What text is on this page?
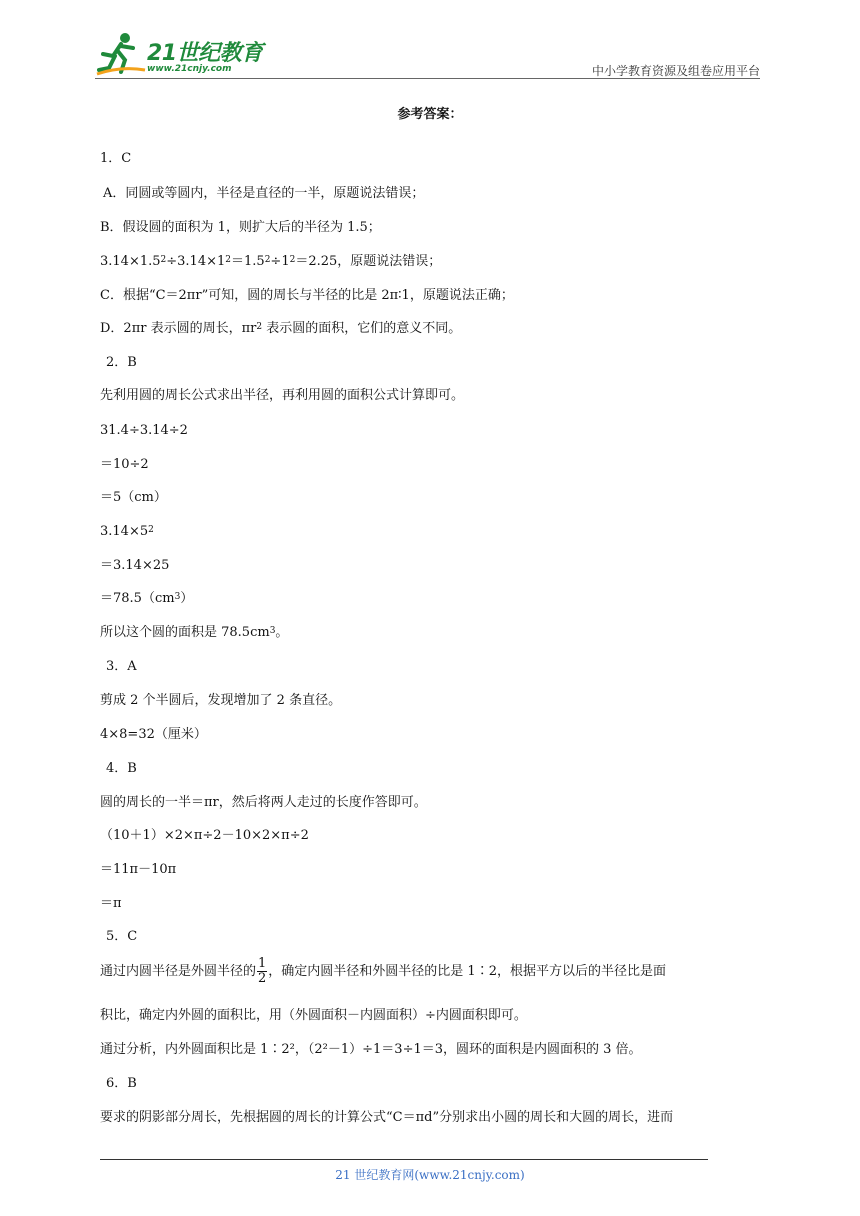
21世纪教育
www.21cnjy.com	中小学教育资源及组卷应用平台
参考答案：
1．C
A．同圆或等圆内，半径是直径的一半，原题说法错误；
B．假设圆的面积为 1，则扩大后的半径为 1.5；
$3.14\times 1.5^2\div 3.14\times 1^2=1.5^2\div 1^2=2.25$，原题说法错误；
C．根据“C＝2πr”可知，圆的周长与半径的比是 2π∶1，原题说法正确；
D．2πr 表示圆的周长，$\pi r^2$ 表示圆的面积，它们的意义不同。
2．B
先利用圆的周长公式求出半径，再利用圆的面积公式计算即可。
31.4÷3.14÷2
＝10÷2
＝5（cm）
$3.14\times 5^2$
＝3.14×25
$=78.5(cm^3)$
所以这个圆的面积是 $78.5cm^3$。
3．A
剪成 2 个半圆后，发现增加了 2 条直径。
4×8=32（厘米）
4．B
圆的周长的一半＝πr，然后将两人走过的长度作答即可。
（10＋1）×2×π÷2－10×2×π÷2
＝11π－10π
＝π
5．C
通过内圆半径是外圆半径的 $\frac{1}{2}$ ，确定内圆半径和外圆半径的比是 1∶2，根据平方以后的半径比是面
积比，确定内外圆的面积比，用（外圆面积－内圆面积）÷内圆面积即可。
通过分析，内外圆面积比是 1∶2²，（2²－1）÷1＝3÷1＝3，圆环的面积是内圆面积的 3 倍。
6．B
要求的阴影部分周长，先根据圆的周长的计算公式“C＝πd”分别求出小圆的周长和大圆的周长，进而
21 世纪教育网(www.21cnjy.com)
